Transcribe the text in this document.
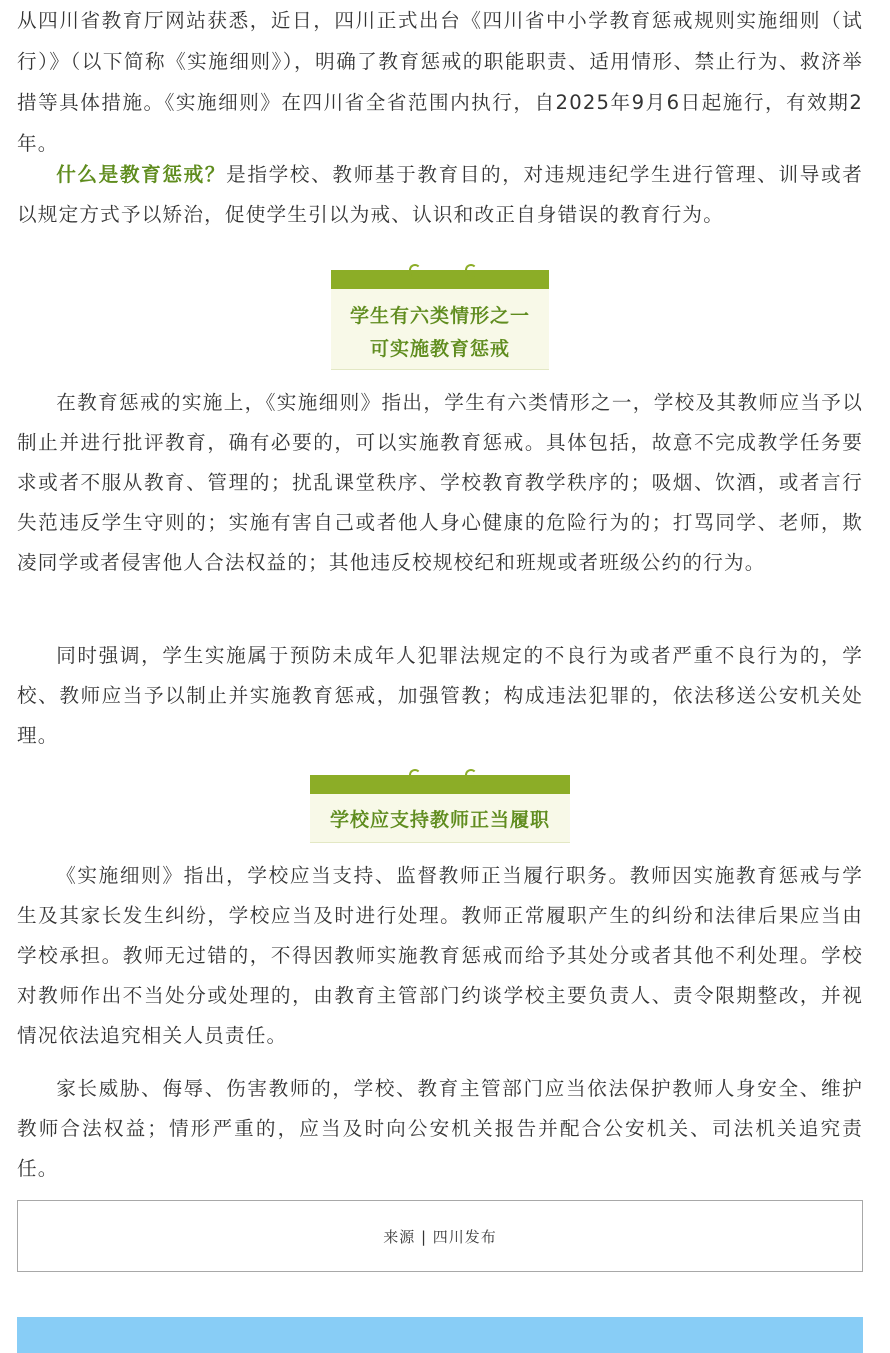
从四川省教育厅网站获悉，近日，四川正式出台《四川省中小学教育惩戒规则实施细则（试行）》（以下简称《实施细则》），明确了教育惩戒的职能职责、适用情形、禁止行为、救济举措等具体措施。《实施细则》在四川省全省范围内执行，自2025年9月6日起施行，有效期2年。

什么是教育惩戒？是指学校、教师基于教育目的，对违规违纪学生进行管理、训导或者以规定方式予以矫治，促使学生引以为戒、认识和改正自身错误的教育行为。

学生有六类情形之一
可实施教育惩戒

在教育惩戒的实施上，《实施细则》指出，学生有六类情形之一，学校及其教师应当予以制止并进行批评教育，确有必要的，可以实施教育惩戒。具体包括，故意不完成教学任务要求或者不服从教育、管理的；扰乱课堂秩序、学校教育教学秩序的；吸烟、饮酒，或者言行失范违反学生守则的；实施有害自己或者他人身心健康的危险行为的；打骂同学、老师，欺凌同学或者侵害他人合法权益的；其他违反校规校纪和班规或者班级公约的行为。

同时强调，学生实施属于预防未成年人犯罪法规定的不良行为或者严重不良行为的，学校、教师应当予以制止并实施教育惩戒，加强管教；构成违法犯罪的，依法移送公安机关处理。

学校应支持教师正当履职

《实施细则》指出，学校应当支持、监督教师正当履行职务。教师因实施教育惩戒与学生及其家长发生纠纷，学校应当及时进行处理。教师正常履职产生的纠纷和法律后果应当由学校承担。教师无过错的，不得因教师实施教育惩戒而给予其处分或者其他不利处理。学校对教师作出不当处分或处理的，由教育主管部门约谈学校主要负责人、责令限期整改，并视情况依法追究相关人员责任。

家长威胁、侮辱、伤害教师的，学校、教育主管部门应当依法保护教师人身安全、维护教师合法权益；情形严重的，应当及时向公安机关报告并配合公安机关、司法机关追究责任。

来源 | 四川发布
